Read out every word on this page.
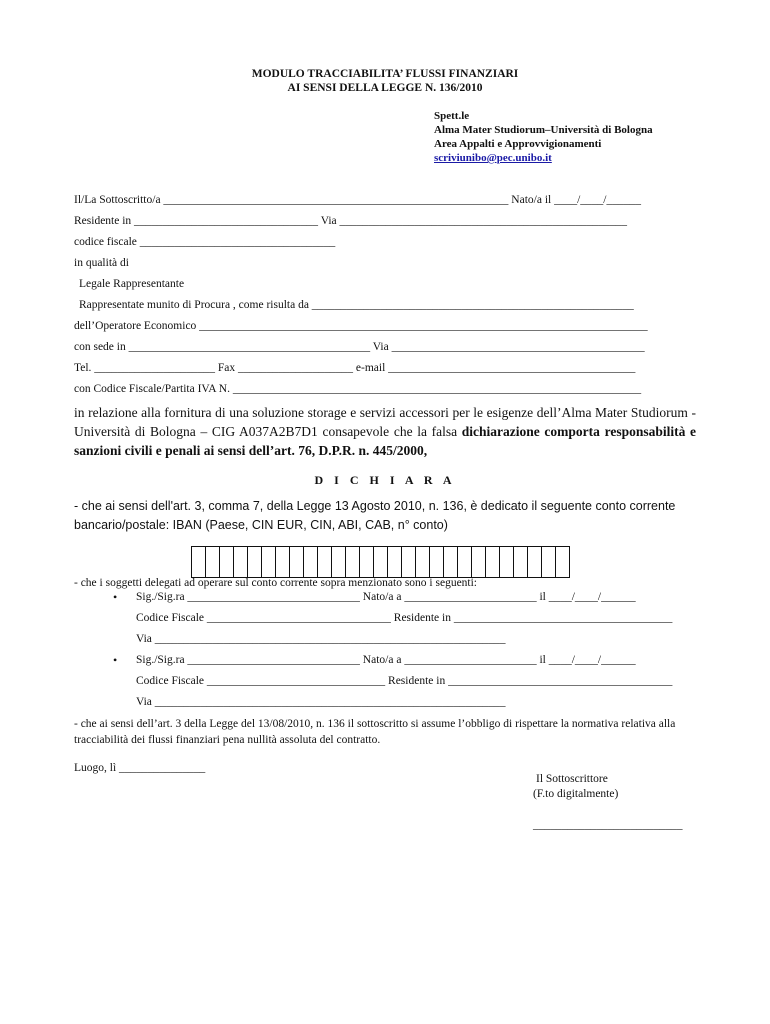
MODULO TRACCIABILITA’ FLUSSI FINANZIARI
AI SENSI DELLA LEGGE N. 136/2010
Spett.le
Alma Mater Studiorum–Università di Bologna
Area Appalti e Approvvigionamenti
scriviunibo@pec.unibo.it
Il/La Sottoscritto/a ____________________________________________________________ Nato/a il ____/____/______
Residente in ________________________________ Via __________________________________________________
codice fiscale __________________________________
in qualità di
Legale Rappresentante
Rappresentate munito di Procura , come risulta da ________________________________________________________
dell’Operatore Economico ______________________________________________________________________________
con sede in __________________________________________ Via ____________________________________________
Tel. _____________________ Fax ____________________ e-mail ___________________________________________
con Codice Fiscale/Partita IVA N. _______________________________________________________________________
in relazione alla fornitura di una soluzione storage e servizi accessori per le esigenze dell’Alma Mater Studiorum - Università di Bologna – CIG A037A2B7D1 consapevole che la falsa dichiarazione comporta responsabilità e sanzioni civili e penali ai sensi dell’art. 76, D.P.R. n. 445/2000,
D I C H I A R A
- che ai sensi dell'art. 3, comma 7, della Legge 13 Agosto 2010, n. 136, è dedicato il seguente conto corrente bancario/postale: IBAN (Paese, CIN EUR, CIN, ABI, CAB, n° conto)
- che i soggetti delegati ad operare sul conto corrente sopra menzionato sono i seguenti:
• Sig./Sig.ra ______________________________ Nato/a a _______________________ il ____/____/______
Codice Fiscale ________________________________ Residente in ______________________________________
Via _____________________________________________________________
• Sig./Sig.ra ______________________________ Nato/a a _______________________ il ____/____/______
Codice Fiscale _______________________________ Residente in _______________________________________
Via _____________________________________________________________
- che ai sensi dell’art. 3 della Legge del 13/08/2010, n. 136 il sottoscritto si assume l’obbligo di rispettare la normativa relativa alla tracciabilità dei flussi finanziari pena nullità assoluta del contratto.
Luogo, lì _______________
Il Sottoscrittore
(F.to digitalmente)
__________________________
